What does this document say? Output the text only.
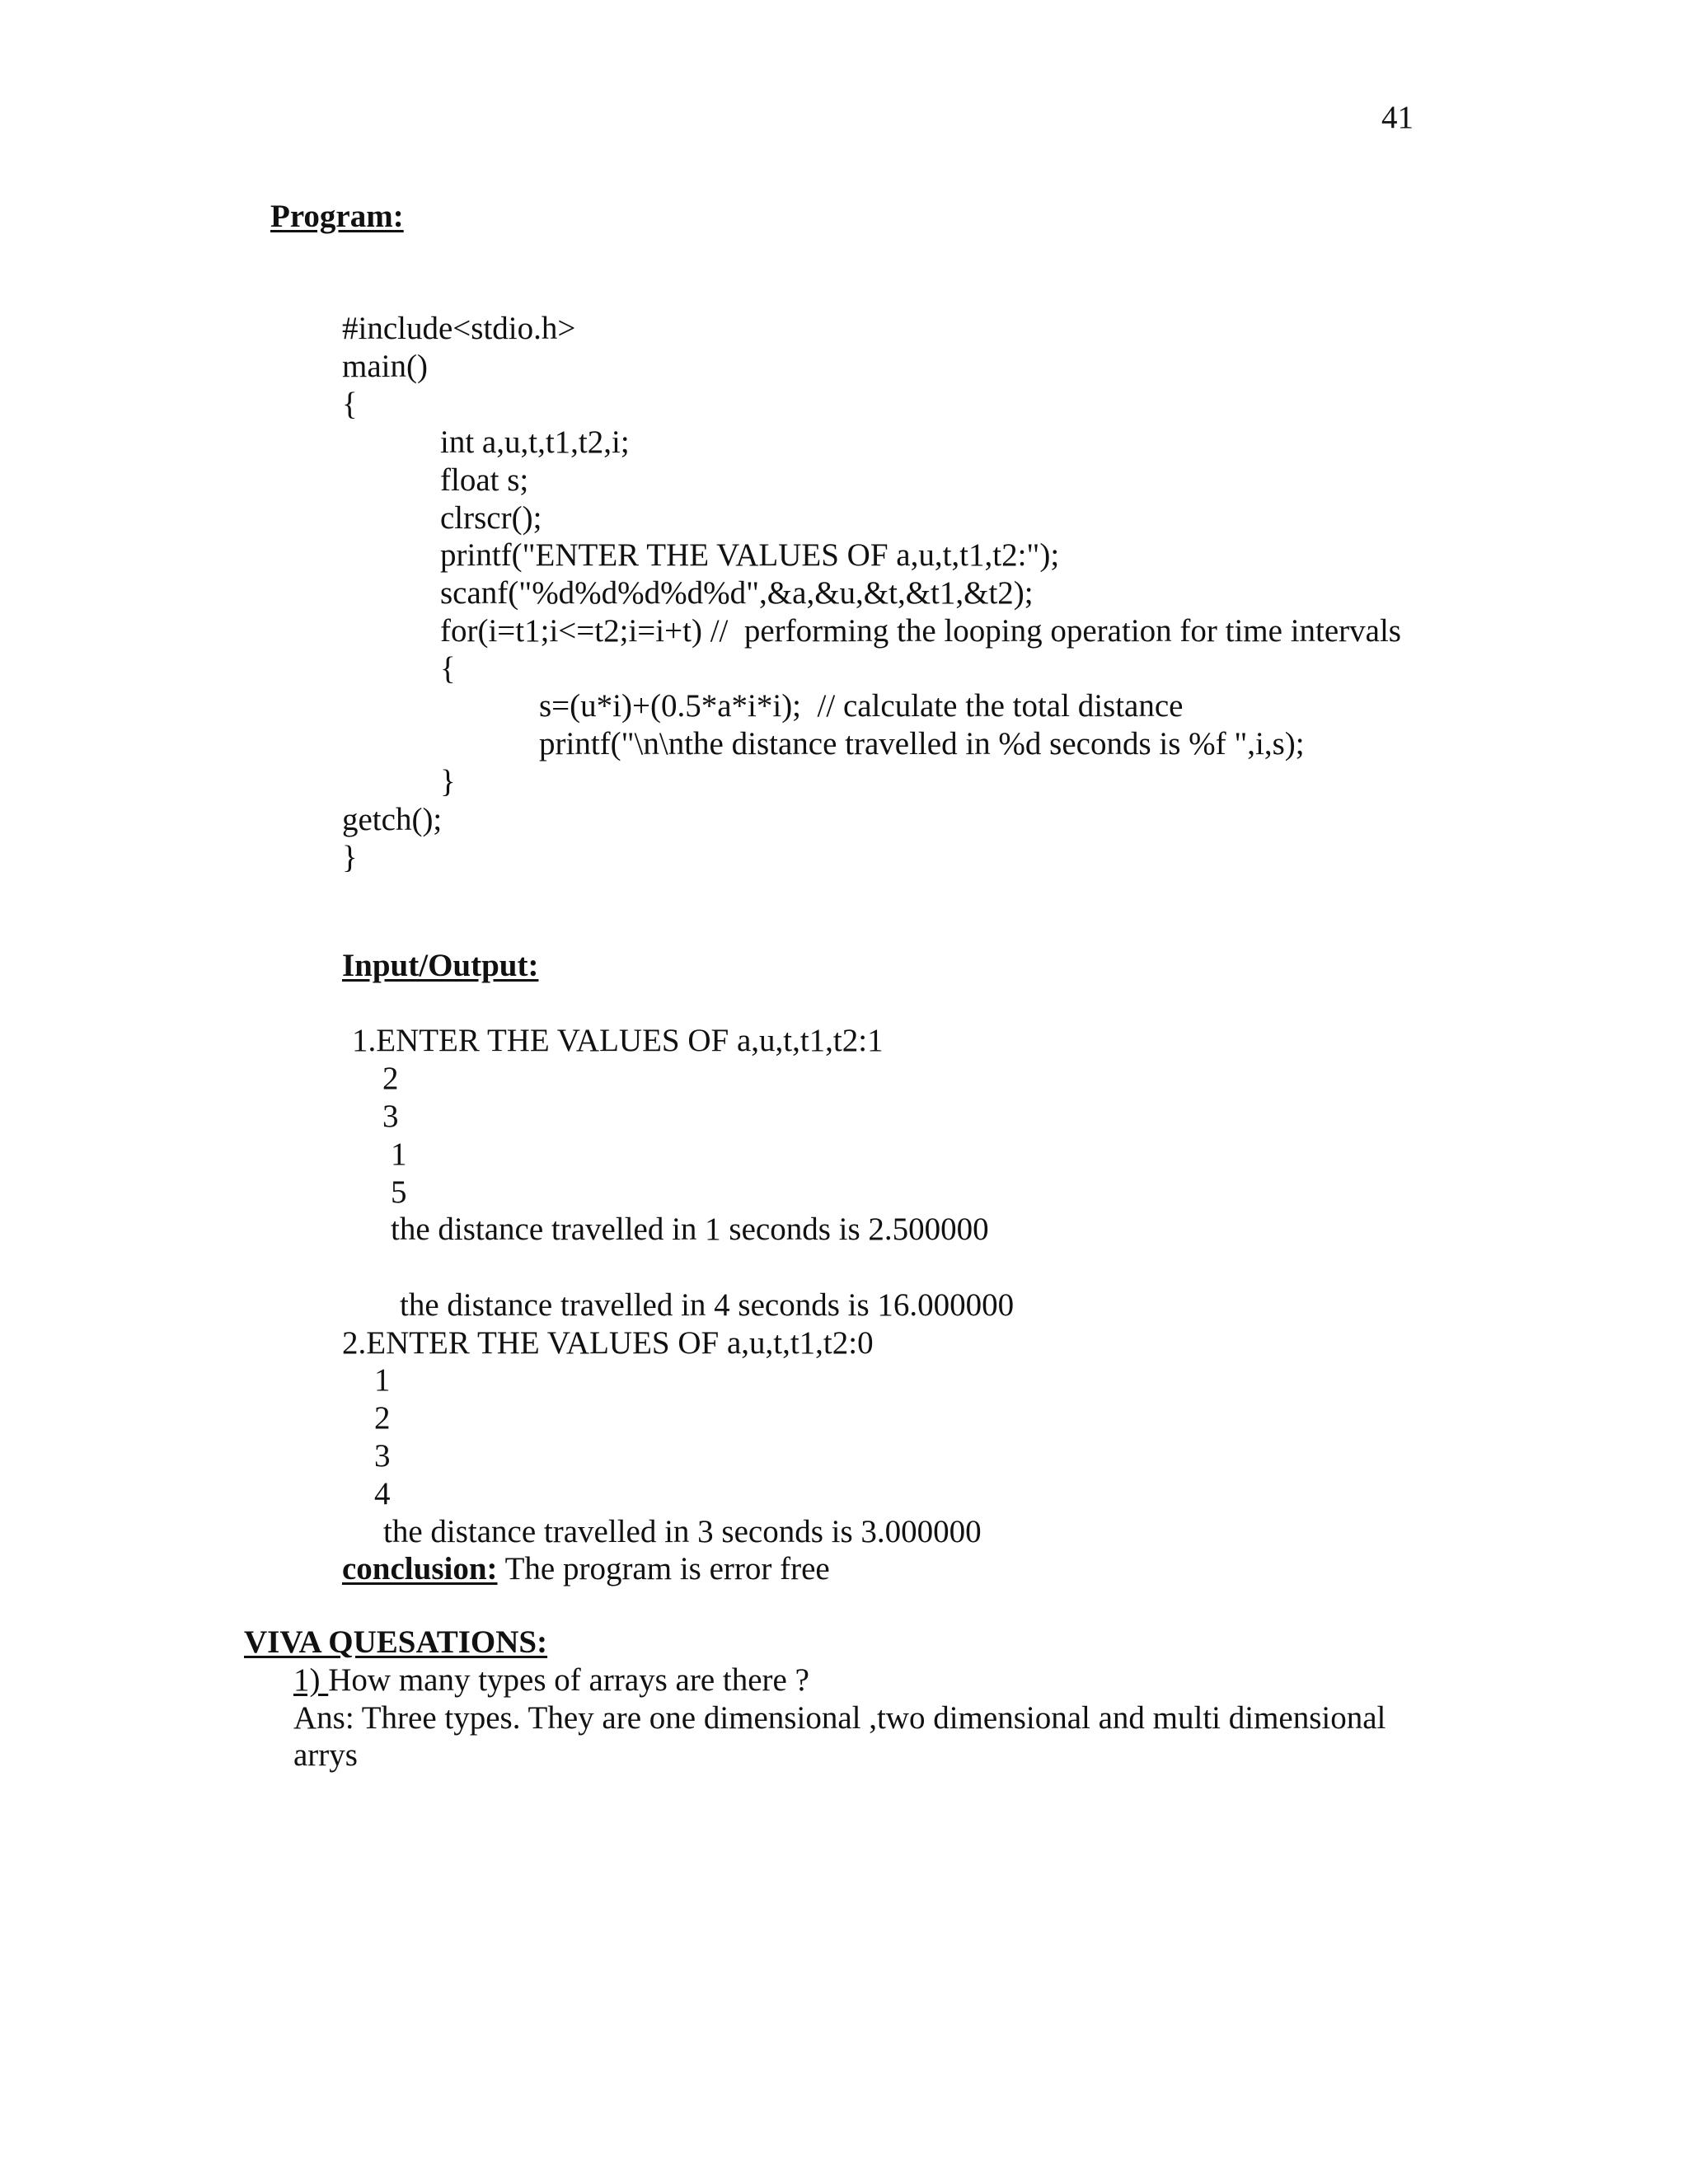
41
Program:
#include<stdio.h>
main()
{
int a,u,t,t1,t2,i;
float s;
clrscr();
printf("ENTER THE VALUES OF a,u,t,t1,t2:");
scanf("%d%d%d%d%d",&a,&u,&t,&t1,&t2);
for(i=t1;i<=t2;i=i+t) //  performing the looping operation for time intervals
{
s=(u*i)+(0.5*a*i*i);  // calculate the total distance
printf("\n\nthe distance travelled in %d seconds is %f ",i,s);
}
getch();
}
Input/Output:
1.ENTER THE VALUES OF a,u,t,t1,t2:1
2
3
1
5
the distance travelled in 1 seconds is 2.500000
the distance travelled in 4 seconds is 16.000000
2.ENTER THE VALUES OF a,u,t,t1,t2:0
1
2
3
4
the distance travelled in 3 seconds is 3.000000
conclusion: The program is error free
VIVA QUESATIONS:
1) How many types of arrays are there ?
Ans: Three types. They are one dimensional ,two dimensional and multi dimensional
arrys
